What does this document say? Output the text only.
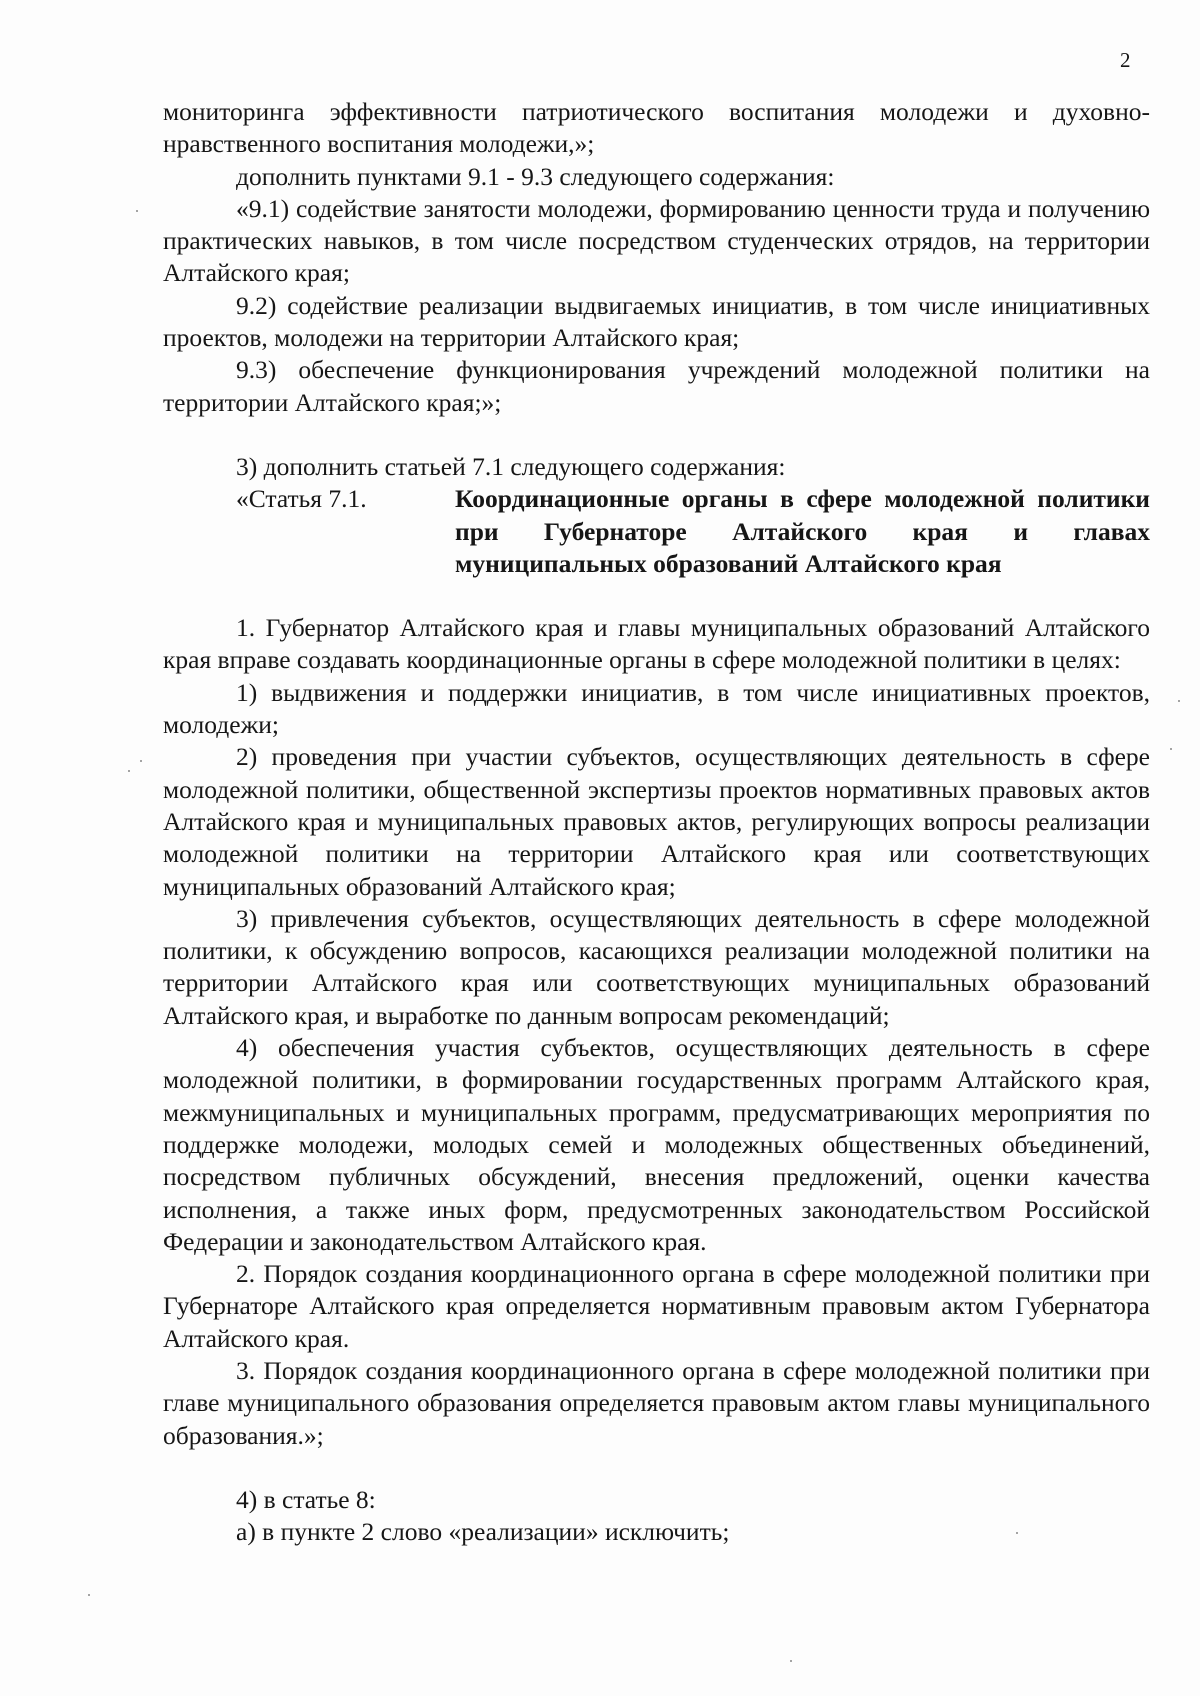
2

мониторинга эффективности патриотического воспитания молодежи и духовно-нравственного воспитания молодежи,»;

дополнить пунктами 9.1 - 9.3 следующего содержания:

«9.1) содействие занятости молодежи, формированию ценности труда и получению практических навыков, в том числе посредством студенческих отрядов, на территории Алтайского края;

9.2) содействие реализации выдвигаемых инициатив, в том числе инициативных проектов, молодежи на территории Алтайского края;

9.3) обеспечение функционирования учреждений молодежной политики на территории Алтайского края;»;

3) дополнить статьей 7.1 следующего содержания:

«Статья 7.1.	Координационные органы в сфере молодежной политики при Губернаторе Алтайского края и главах муниципальных образований Алтайского края

1. Губернатор Алтайского края и главы муниципальных образований Алтайского края вправе создавать координационные органы в сфере молодежной политики в целях:

1) выдвижения и поддержки инициатив, в том числе инициативных проектов, молодежи;

2) проведения при участии субъектов, осуществляющих деятельность в сфере молодежной политики, общественной экспертизы проектов нормативных правовых актов Алтайского края и муниципальных правовых актов, регулирующих вопросы реализации молодежной политики на территории Алтайского края или соответствующих муниципальных образований Алтайского края;

3) привлечения субъектов, осуществляющих деятельность в сфере молодежной политики, к обсуждению вопросов, касающихся реализации молодежной политики на территории Алтайского края или соответствующих муниципальных образований Алтайского края, и выработке по данным вопросам рекомендаций;

4) обеспечения участия субъектов, осуществляющих деятельность в сфере молодежной политики, в формировании государственных программ Алтайского края, межмуниципальных и муниципальных программ, предусматривающих мероприятия по поддержке молодежи, молодых семей и молодежных общественных объединений, посредством публичных обсуждений, внесения предложений, оценки качества исполнения, а также иных форм, предусмотренных законодательством Российской Федерации и законодательством Алтайского края.

2. Порядок создания координационного органа в сфере молодежной политики при Губернаторе Алтайского края определяется нормативным правовым актом Губернатора Алтайского края.

3. Порядок создания координационного органа в сфере молодежной политики при главе муниципального образования определяется правовым актом главы муниципального образования.»;

4) в статье 8:

а) в пункте 2 слово «реализации» исключить;
